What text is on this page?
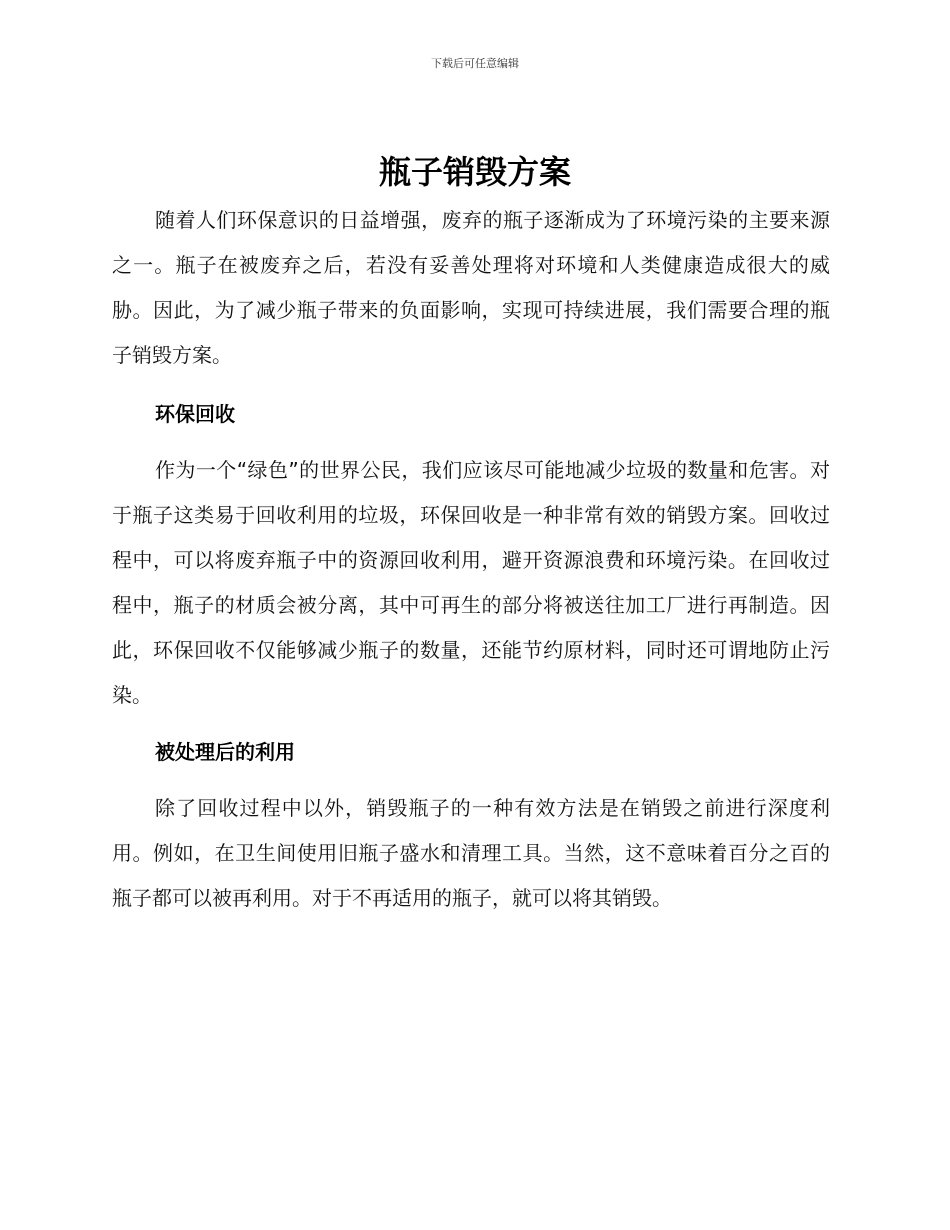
下载后可任意编辑
瓶子销毁方案

随着人们环保意识的日益增强，废弃的瓶子逐渐成为了环境污染的主要来源之一。瓶子在被废弃之后，若没有妥善处理将对环境和人类健康造成很大的威胁。因此，为了减少瓶子带来的负面影响，实现可持续进展，我们需要合理的瓶子销毁方案。

环保回收

作为一个“绿色”的世界公民，我们应该尽可能地减少垃圾的数量和危害。对于瓶子这类易于回收利用的垃圾，环保回收是一种非常有效的销毁方案。回收过程中，可以将废弃瓶子中的资源回收利用，避开资源浪费和环境污染。在回收过程中，瓶子的材质会被分离，其中可再生的部分将被送往加工厂进行再制造。因此，环保回收不仅能够减少瓶子的数量，还能节约原材料，同时还可谓地防止污染。

被处理后的利用

除了回收过程中以外，销毁瓶子的一种有效方法是在销毁之前进行深度利用。例如，在卫生间使用旧瓶子盛水和清理工具。当然，这不意味着百分之百的瓶子都可以被再利用。对于不再适用的瓶子，就可以将其销毁。
